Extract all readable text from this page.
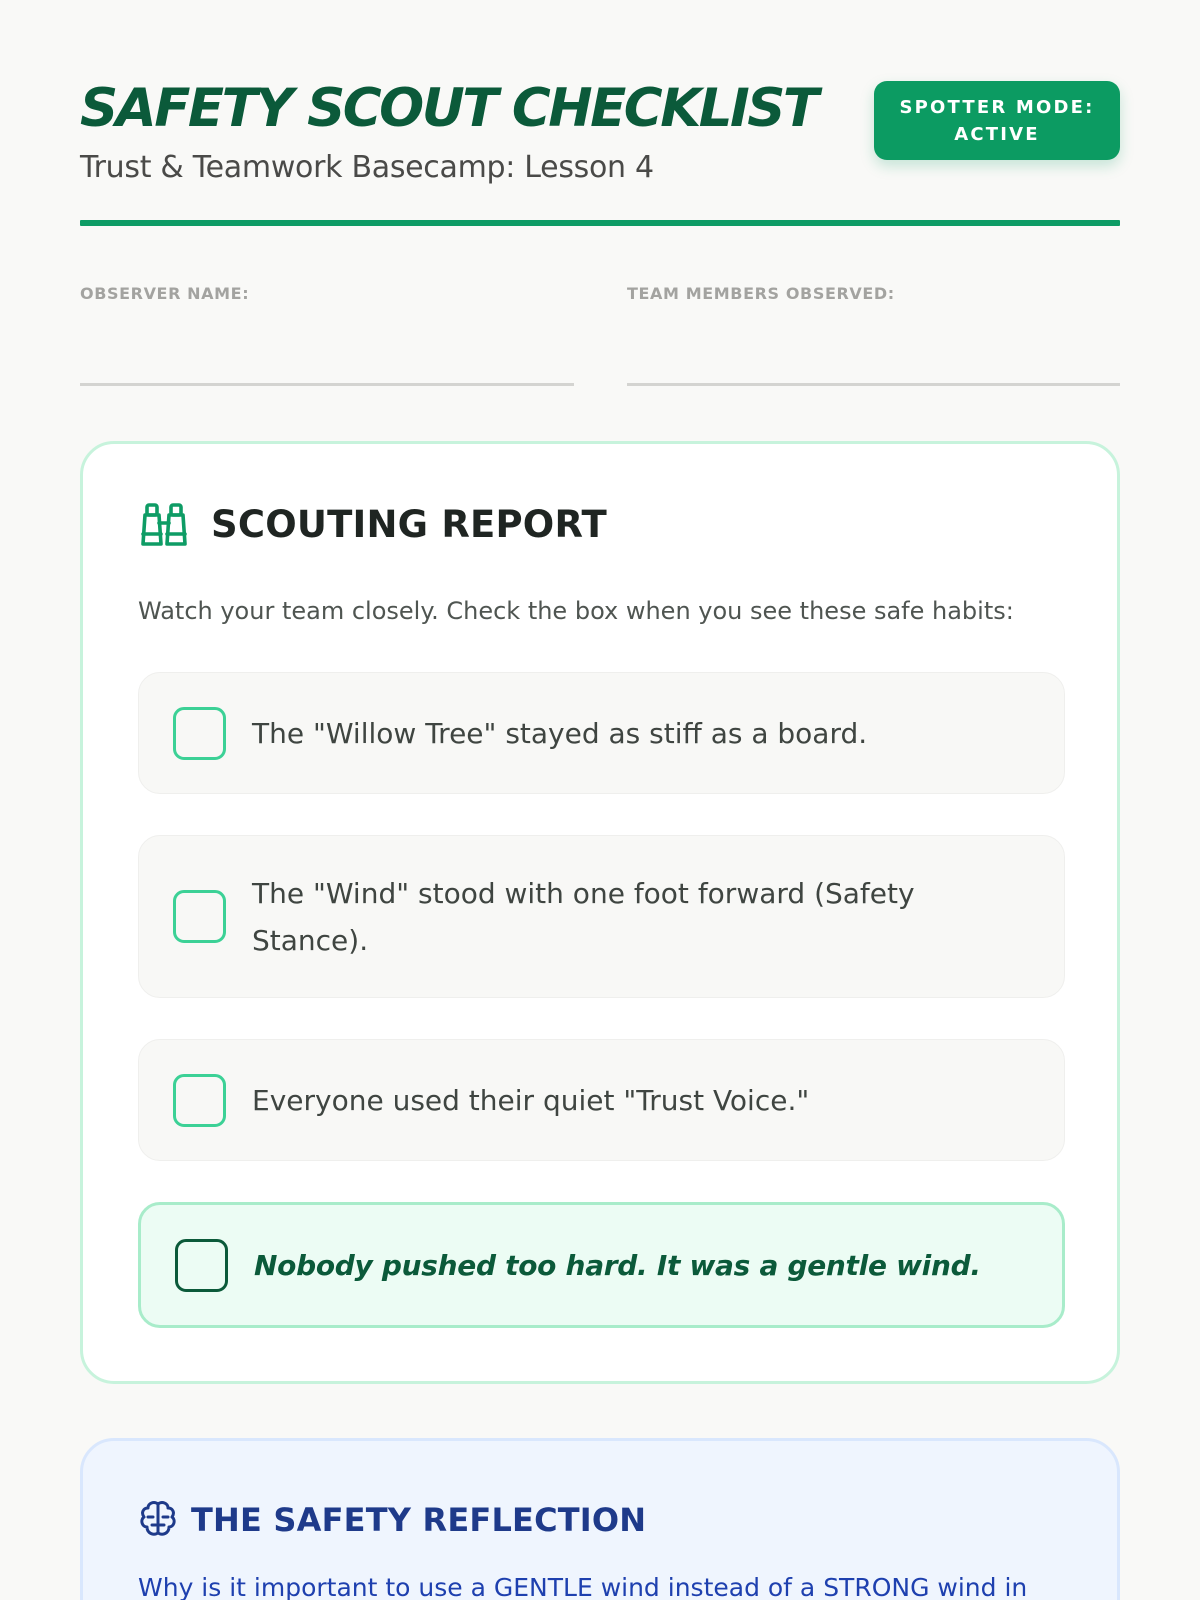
SAFETY SCOUT CHECKLIST
Trust & Teamwork Basecamp: Lesson 4
SPOTTER MODE: ACTIVE
OBSERVER NAME:	TEAM MEMBERS OBSERVED:
SCOUTING REPORT

Watch your team closely. Check the box when you see these safe habits:

The "Willow Tree" stayed as stiff as a board.
The "Wind" stood with one foot forward (Safety Stance).
Everyone used their quiet "Trust Voice."
Nobody pushed too hard. It was a gentle wind.
THE SAFETY REFLECTION

Why is it important to use a GENTLE wind instead of a STRONG wind in
